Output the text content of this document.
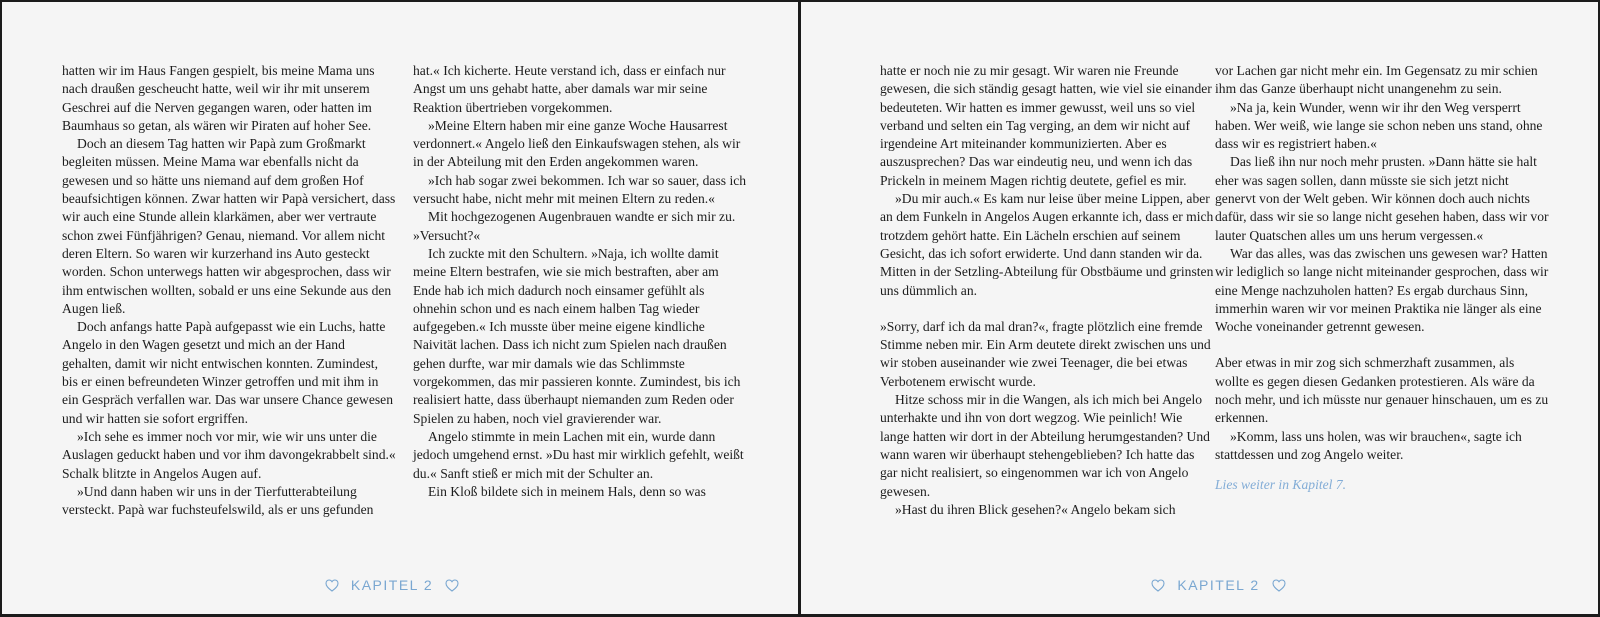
hatten wir im Haus Fangen gespielt, bis meine Mama uns nach draußen gescheucht hatte, weil wir ihr mit unserem Geschrei auf die Nerven gegangen waren, oder hatten im Baumhaus so getan, als wären wir Piraten auf hoher See.

Doch an diesem Tag hatten wir Papà zum Großmarkt begleiten müssen. Meine Mama war ebenfalls nicht da gewesen und so hätte uns niemand auf dem großen Hof beaufsichtigen können. Zwar hatten wir Papà versichert, dass wir auch eine Stunde allein klarkämen, aber wer vertraute schon zwei Fünfjährigen? Genau, niemand. Vor allem nicht deren Eltern. So waren wir kurzerhand ins Auto gesteckt worden. Schon unterwegs hatten wir abgesprochen, dass wir ihm entwischen wollten, sobald er uns eine Sekunde aus den Augen ließ.

Doch anfangs hatte Papà aufgepasst wie ein Luchs, hatte Angelo in den Wagen gesetzt und mich an der Hand gehalten, damit wir nicht entwischen konnten. Zumindest, bis er einen befreundeten Winzer getroffen und mit ihm in ein Gespräch verfallen war. Das war unsere Chance gewesen und wir hatten sie sofort ergriffen.

»Ich sehe es immer noch vor mir, wie wir uns unter die Auslagen geduckt haben und vor ihm davongekrabbelt sind.« Schalk blitzte in Angelos Augen auf.

»Und dann haben wir uns in der Tierfutterabteilung versteckt. Papà war fuchsteufelswild, als er uns gefunden

hat.« Ich kicherte. Heute verstand ich, dass er einfach nur Angst um uns gehabt hatte, aber damals war mir seine Reaktion übertrieben vorgekommen.

»Meine Eltern haben mir eine ganze Woche Hausarrest verdonnert.« Angelo ließ den Einkaufswagen stehen, als wir in der Abteilung mit den Erden angekommen waren.

»Ich hab sogar zwei bekommen. Ich war so sauer, dass ich versucht habe, nicht mehr mit meinen Eltern zu reden.«

Mit hochgezogenen Augenbrauen wandte er sich mir zu. »Versucht?«

Ich zuckte mit den Schultern. »Naja, ich wollte damit meine Eltern bestrafen, wie sie mich bestraften, aber am Ende hab ich mich dadurch noch einsamer gefühlt als ohnehin schon und es nach einem halben Tag wieder aufgegeben.« Ich musste über meine eigene kindliche Naivität lachen. Dass ich nicht zum Spielen nach draußen gehen durfte, war mir damals wie das Schlimmste vorgekommen, das mir passieren konnte. Zumindest, bis ich realisiert hatte, dass überhaupt niemanden zum Reden oder Spielen zu haben, noch viel gravierender war.

Angelo stimmte in mein Lachen mit ein, wurde dann jedoch umgehend ernst. »Du hast mir wirklich gefehlt, weißt du.« Sanft stieß er mich mit der Schulter an.

Ein Kloß bildete sich in meinem Hals, denn so was

KAPITEL 2

hatte er noch nie zu mir gesagt. Wir waren nie Freunde gewesen, die sich ständig gesagt hatten, wie viel sie einander bedeuteten. Wir hatten es immer gewusst, weil uns so viel verband und selten ein Tag verging, an dem wir nicht auf irgendeine Art miteinander kommunizierten. Aber es auszusprechen? Das war eindeutig neu, und wenn ich das Prickeln in meinem Magen richtig deutete, gefiel es mir.

»Du mir auch.« Es kam nur leise über meine Lippen, aber an dem Funkeln in Angelos Augen erkannte ich, dass er mich trotzdem gehört hatte. Ein Lächeln erschien auf seinem Gesicht, das ich sofort erwiderte. Und dann standen wir da. Mitten in der Setzling-Abteilung für Obstbäume und grinsten uns dümmlich an.

»Sorry, darf ich da mal dran?«, fragte plötzlich eine fremde Stimme neben mir. Ein Arm deutete direkt zwischen uns und wir stoben auseinander wie zwei Teenager, die bei etwas Verbotenem erwischt wurde.

Hitze schoss mir in die Wangen, als ich mich bei Angelo unterhakte und ihn von dort wegzog. Wie peinlich! Wie lange hatten wir dort in der Abteilung herumgestanden? Und wann waren wir überhaupt stehengeblieben? Ich hatte das gar nicht realisiert, so eingenommen war ich von Angelo gewesen.

»Hast du ihren Blick gesehen?« Angelo bekam sich

vor Lachen gar nicht mehr ein. Im Gegensatz zu mir schien ihm das Ganze überhaupt nicht unangenehm zu sein.

»Na ja, kein Wunder, wenn wir ihr den Weg versperrt haben. Wer weiß, wie lange sie schon neben uns stand, ohne dass wir es registriert haben.«

Das ließ ihn nur noch mehr prusten. »Dann hätte sie halt eher was sagen sollen, dann müsste sie sich jetzt nicht genervt von der Welt geben. Wir können doch auch nichts dafür, dass wir sie so lange nicht gesehen haben, dass wir vor lauter Quatschen alles um uns herum vergessen.«

War das alles, was das zwischen uns gewesen war? Hatten wir lediglich so lange nicht miteinander gesprochen, dass wir eine Menge nachzuholen hatten? Es ergab durchaus Sinn, immerhin waren wir vor meinen Praktika nie länger als eine Woche voneinander getrennt gewesen.

Aber etwas in mir zog sich schmerzhaft zusammen, als wollte es gegen diesen Gedanken protestieren. Als wäre da noch mehr, und ich müsste nur genauer hinschauen, um es zu erkennen.

»Komm, lass uns holen, was wir brauchen«, sagte ich stattdessen und zog Angelo weiter.

Lies weiter in Kapitel 7.

KAPITEL 2
